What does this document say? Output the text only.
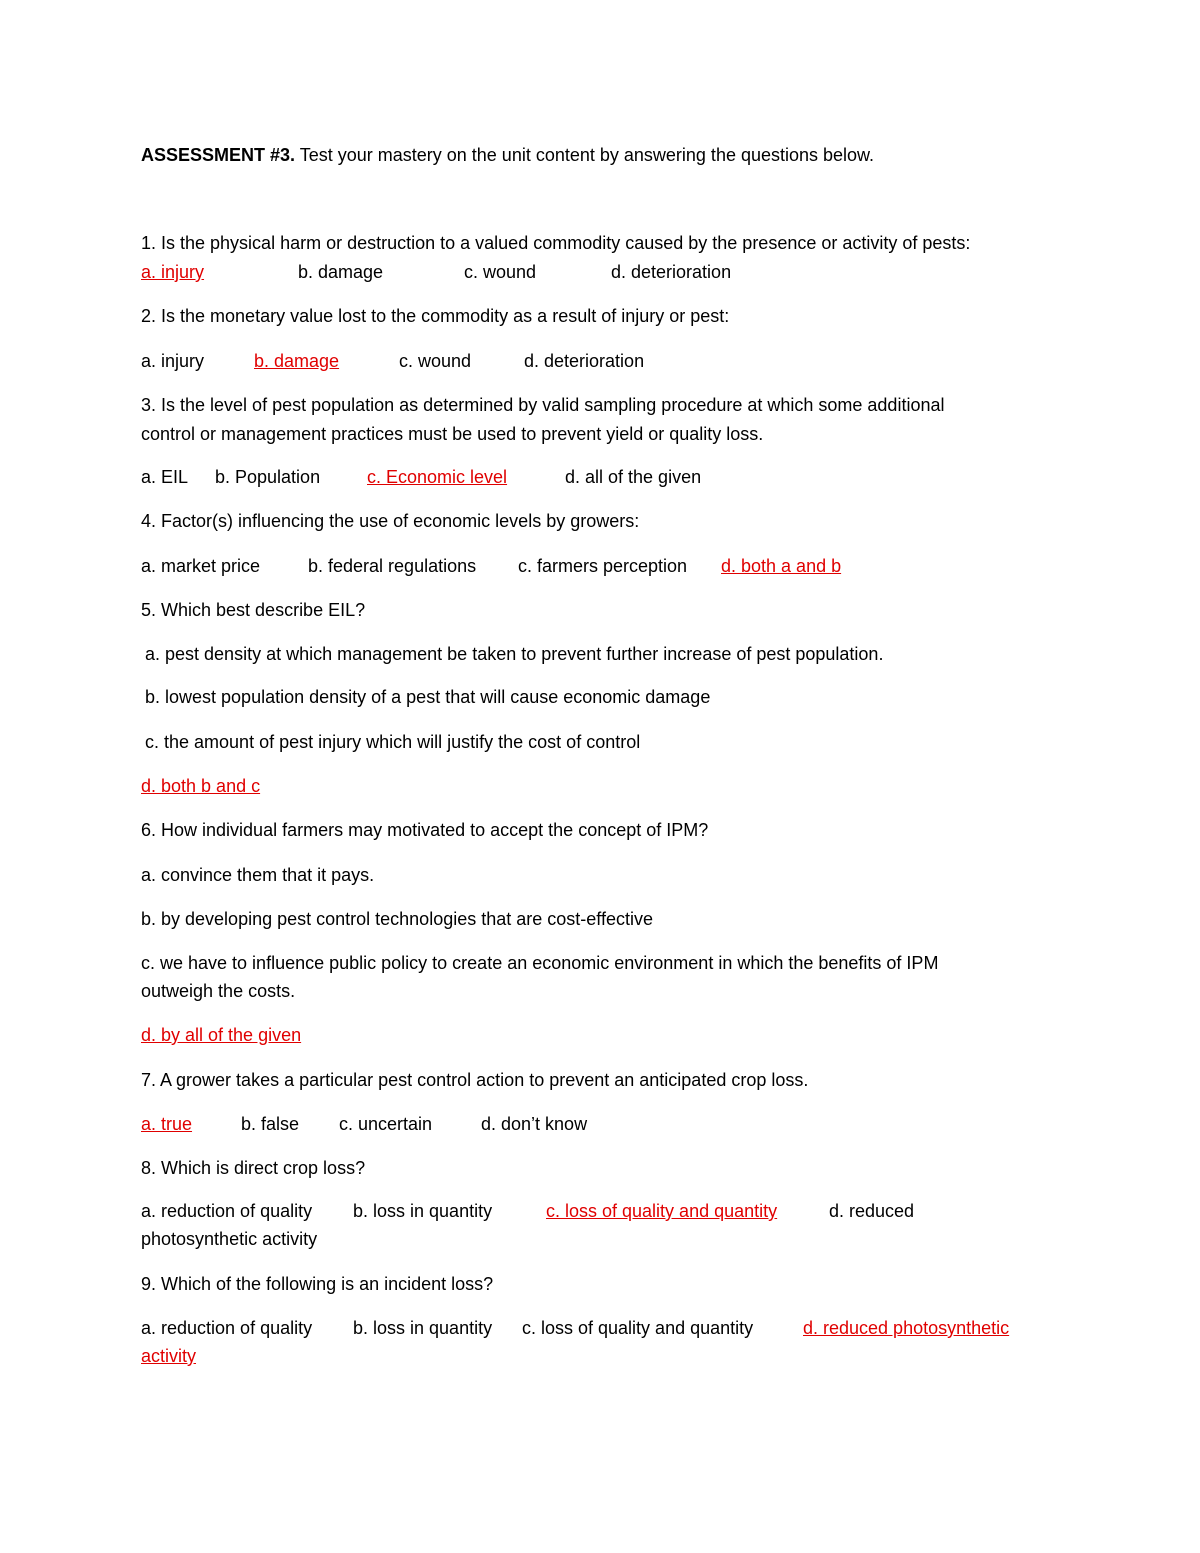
ASSESSMENT #3. Test your mastery on the unit content by answering the questions below.
1. Is the physical harm or destruction to a valued commodity caused by the presence or activity of pests:
a. injury	b. damage	c. wound	d. deterioration
2. Is the monetary value lost to the commodity as a result of injury or pest:
a. injury	b. damage	c. wound	d. deterioration
3. Is the level of pest population as determined by valid sampling procedure at which some additional
control or management practices must be used to prevent yield or quality loss.
a. EIL b. Population	c. Economic level	d. all of the given
4. Factor(s) influencing the use of economic levels by growers:
a. market price	b. federal regulations c. farmers perception d. both a and b
5. Which best describe EIL?
a. pest density at which management be taken to prevent further increase of pest population.
b. lowest population density of a pest that will cause economic damage
c. the amount of pest injury which will justify the cost of control
d. both b and c
6. How individual farmers may motivated to accept the concept of IPM?
a. convince them that it pays.
b. by developing pest control technologies that are cost-effective
c. we have to influence public policy to create an economic environment in which the benefits of IPM
outweigh the costs.
d. by all of the given
7. A grower takes a particular pest control action to prevent an anticipated crop loss.
a. true	b. false c. uncertain	d. don’t know
8. Which is direct crop loss?
a. reduction of quality b. loss in quantity	c. loss of quality and quantity	d. reduced
photosynthetic activity
9. Which of the following is an incident loss?
a. reduction of quality b. loss in quantity c. loss of quality and quantity	d. reduced photosynthetic
activity
